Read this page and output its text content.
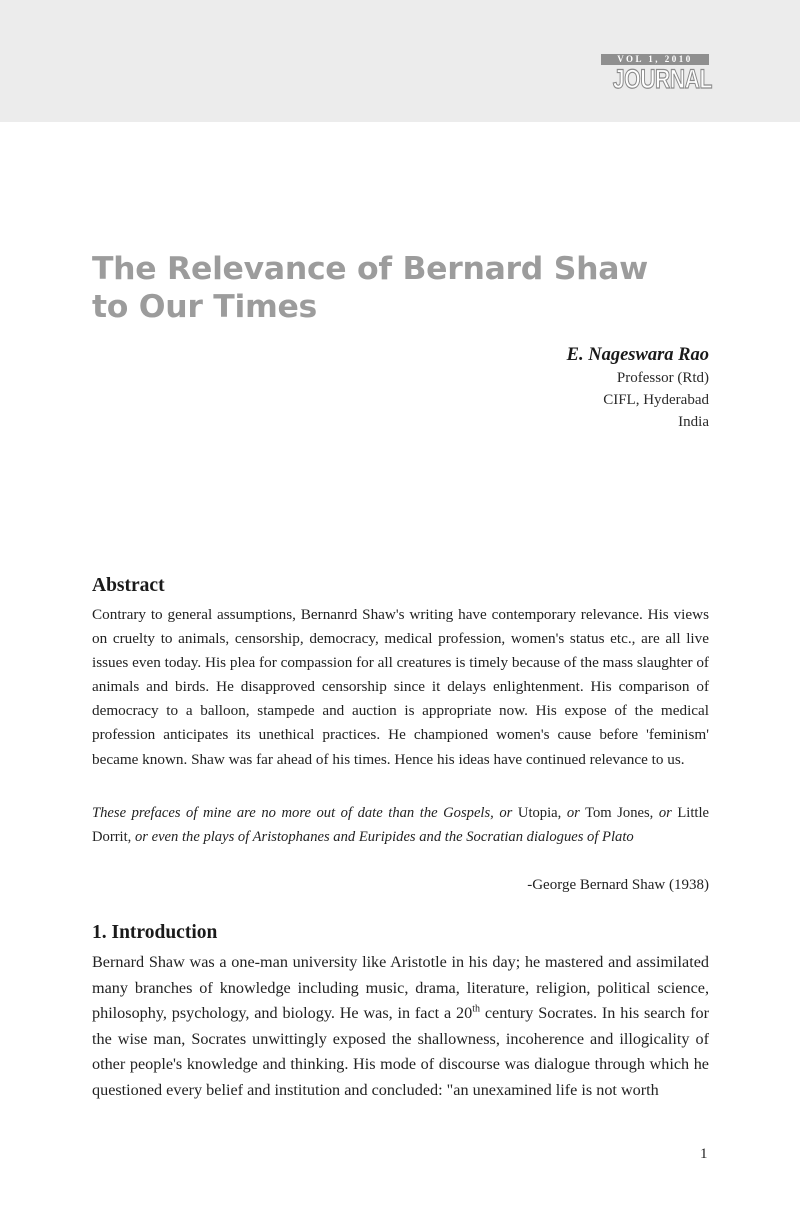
VOL 1, 2010
JOURNAL
The Relevance of Bernard Shaw
to Our Times
E. Nageswara Rao
Professor (Rtd)
CIFL, Hyderabad
India
Abstract

Contrary to general assumptions, Bernanrd Shaw's writing have contemporary relevance. His views on cruelty to animals, censorship, democracy, medical profession, women's status etc., are all live issues even today. His plea for compassion for all creatures is timely because of the mass slaughter of animals and birds. He disapproved censorship since it delays enlightenment. His comparison of democracy to a balloon, stampede and auction is appropriate now. His expose of the medical profession anticipates its unethical practices. He championed women's cause before 'feminism' became known. Shaw was far ahead of his times. Hence his ideas have continued relevance to us.

These prefaces of mine are no more out of date than the Gospels, or Utopia, or Tom Jones, or Little Dorrit, or even the plays of Aristophanes and Euripides and the Socratian dialogues of Plato

-George Bernard Shaw (1938)
1. Introduction

Bernard Shaw was a one-man university like Aristotle in his day; he mastered and assimilated many branches of knowledge including music, drama, literature, religion, political science, philosophy, psychology, and biology. He was, in fact a 20th century Socrates. In his search for the wise man, Socrates unwittingly exposed the shallowness, incoherence and illogicality of other people's knowledge and thinking. His mode of discourse was dialogue through which he questioned every belief and institution and concluded: "an unexamined life is not worth

1
